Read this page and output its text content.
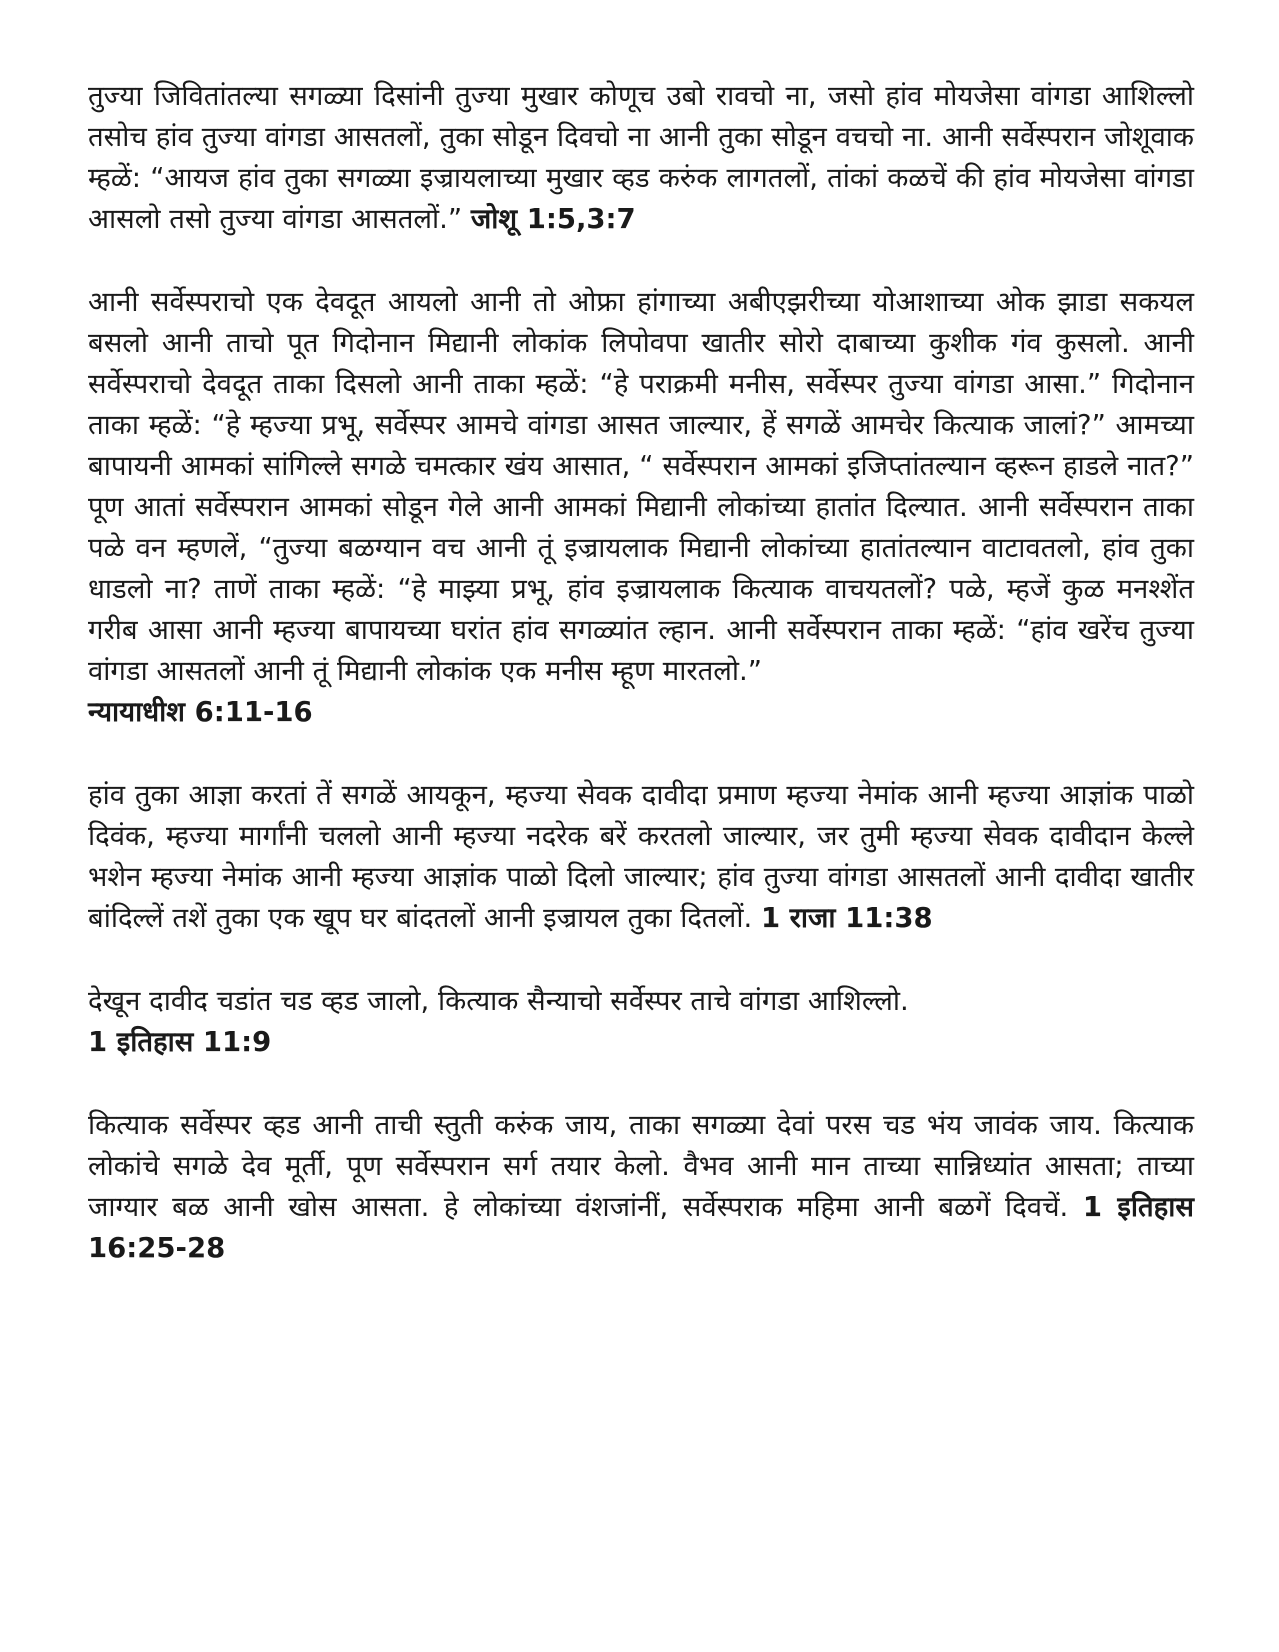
तुज्या जिवितांतल्या सगळ्या दिसांनी तुज्या मुखार कोणूच उबो रावचो ना, जसो हांव मोयजेसा वांगडा आशिल्लो तसोच हांव तुज्या वांगडा आसतलों, तुका सोडून दिवचो ना आनी तुका सोडून वचचो ना. आनी सर्वेस्परान जोशूवाक म्हळें: “आयज हांव तुका सगळ्या इज्रायलाच्या मुखार व्हड करुंक लागतलों, तांकां कळचें की हांव मोयजेसा वांगडा आसलो तसो तुज्या वांगडा आसतलों.” जोशू 1:5,3:7

आनी सर्वेस्पराचो एक देवदूत आयलो आनी तो ओफ्रा हांगाच्या अबीएझरीच्या योआशाच्या ओक झाडा सकयल बसलो आनी ताचो पूत गिदोनान मिद्यानी लोकांक लिपोवपा खातीर सोरो दाबाच्या कुशीक गंव कुसलो. आनी सर्वेस्पराचो देवदूत ताका दिसलो आनी ताका म्हळें: “हे पराक्रमी मनीस, सर्वेस्पर तुज्या वांगडा आसा.” गिदोनान ताका म्हळें: “हे म्हज्या प्रभू, सर्वेस्पर आमचे वांगडा आसत जाल्यार, हें सगळें आमचेर कित्याक जालां?” आमच्या बापायनी आमकां सांगिल्ले सगळे चमत्कार खंय आसात, “ सर्वेस्परान आमकां इजिप्तांतल्यान व्हरून हाडले नात?” पूण आतां सर्वेस्परान आमकां सोडून गेले आनी आमकां मिद्यानी लोकांच्या हातांत दिल्यात. आनी सर्वेस्परान ताका पळे वन म्हणलें, “तुज्या बळग्यान वच आनी तूं इज्रायलाक मिद्यानी लोकांच्या हातांतल्यान वाटावतलो, हांव तुका धाडलो ना? ताणें ताका म्हळें: “हे माझ्या प्रभू, हांव इज्रायलाक कित्याक वाचयतलों? पळे, म्हजें कुळ मनश्शेंत गरीब आसा आनी म्हज्या बापायच्या घरांत हांव सगळ्यांत ल्हान. आनी सर्वेस्परान ताका म्हळें: “हांव खरेंच तुज्या वांगडा आसतलों आनी तूं मिद्यानी लोकांक एक मनीस म्हूण मारतलो.”

न्यायाधीश 6:11-16

हांव तुका आज्ञा करतां तें सगळें आयकून, म्हज्या सेवक दावीदा प्रमाण म्हज्या नेमांक आनी म्हज्या आज्ञांक पाळो दिवंक, म्हज्या मार्गांनी चललो आनी म्हज्या नदरेक बरें करतलो जाल्यार, जर तुमी म्हज्या सेवक दावीदान केल्ले भशेन म्हज्या नेमांक आनी म्हज्या आज्ञांक पाळो दिलो जाल्यार; हांव तुज्या वांगडा आसतलों आनी दावीदा खातीर बांदिल्लें तशें तुका एक खूप घर बांदतलों आनी इज्रायल तुका दितलों. 1 राजा 11:38

देखून दावीद चडांत चड व्हड जालो, कित्याक सैन्याचो सर्वेस्पर ताचे वांगडा आशिल्लो.

1 इतिहास 11:9

कित्याक सर्वेस्पर व्हड आनी ताची स्तुती करुंक जाय, ताका सगळ्या देवां परस चड भंय जावंक जाय. कित्याक लोकांचे सगळे देव मूर्ती, पूण सर्वेस्परान सर्ग तयार केलो. वैभव आनी मान ताच्या सान्निध्यांत आसता; ताच्या जाग्यार बळ आनी खोस आसता. हे लोकांच्या वंशजांनीं, सर्वेस्पराक महिमा आनी बळगें दिवचें. 1 इतिहास 16:25-28
